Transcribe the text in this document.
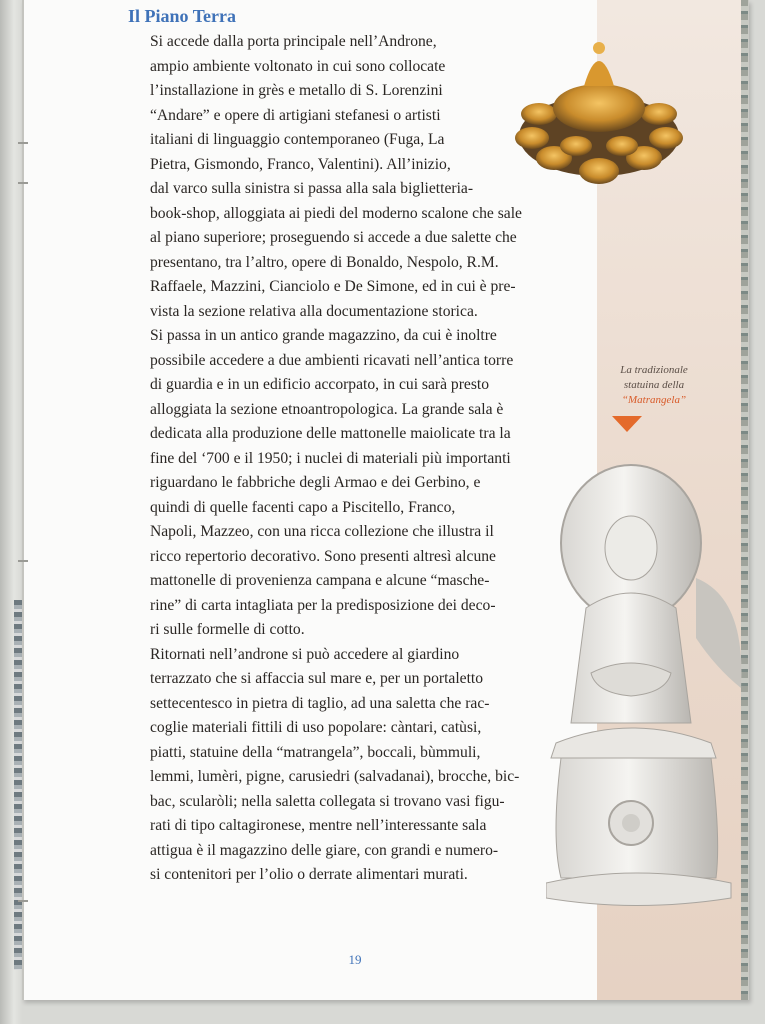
Il Piano Terra

Si accede dalla porta principale nell’Androne,
ampio ambiente voltonato in cui sono collocate
l’installazione in grès e metallo di S. Lorenzini
“Andare” e opere di artigiani stefanesi o artisti
italiani di linguaggio contemporaneo (Fuga, La
Pietra, Gismondo, Franco, Valentini). All’inizio,
dal varco sulla sinistra si passa alla sala biglietteria-
book-shop, alloggiata ai piedi del moderno scalone che sale
al piano superiore; proseguendo si accede a due salette che
presentano, tra l’altro, opere di Bonaldo, Nespolo, R.M.
Raffaele, Mazzini, Cianciolo e De Simone, ed in cui è pre-
vista la sezione relativa alla documentazione storica.

Si passa in un antico grande magazzino, da cui è inoltre
possibile accedere a due ambienti ricavati nell’antica torre
di guardia e in un edificio accorpato, in cui sarà presto
alloggiata la sezione etnoantropologica. La grande sala è
dedicata alla produzione delle mattonelle maiolicate tra la
fine del ‘700 e il 1950; i nuclei di materiali più importanti
riguardano le fabbriche degli Armao e dei Gerbino, e
quindi di quelle facenti capo a Piscitello, Franco,
Napoli, Mazzeo, con una ricca collezione che illustra il
ricco repertorio decorativo. Sono presenti altresì alcune
mattonelle di provenienza campana e alcune “masche-
rine” di carta intagliata per la predisposizione dei deco-
ri sulle formelle di cotto.

Ritornati nell’androne si può accedere al giardino
terrazzato che si affaccia sul mare e, per un portaletto
settecentesco in pietra di taglio, ad una saletta che rac-
coglie materiali fittili di uso popolare: càntari, catùsi,
piatti, statuine della “matrangela”, boccali, bùmmuli,
lemmi, lumèri, pigne, carusiedri (salvadanai), brocche, bic-
bac, scularòli; nella saletta collegata si trovano vasi figu-
rati di tipo caltagironese, mentre nell’interessante sala
attigua è il magazzino delle giare, con grandi e numero-
si contenitori per l’olio o derrate alimentari murati.

La tradizionale
statuina della
“Matrangela”
19
